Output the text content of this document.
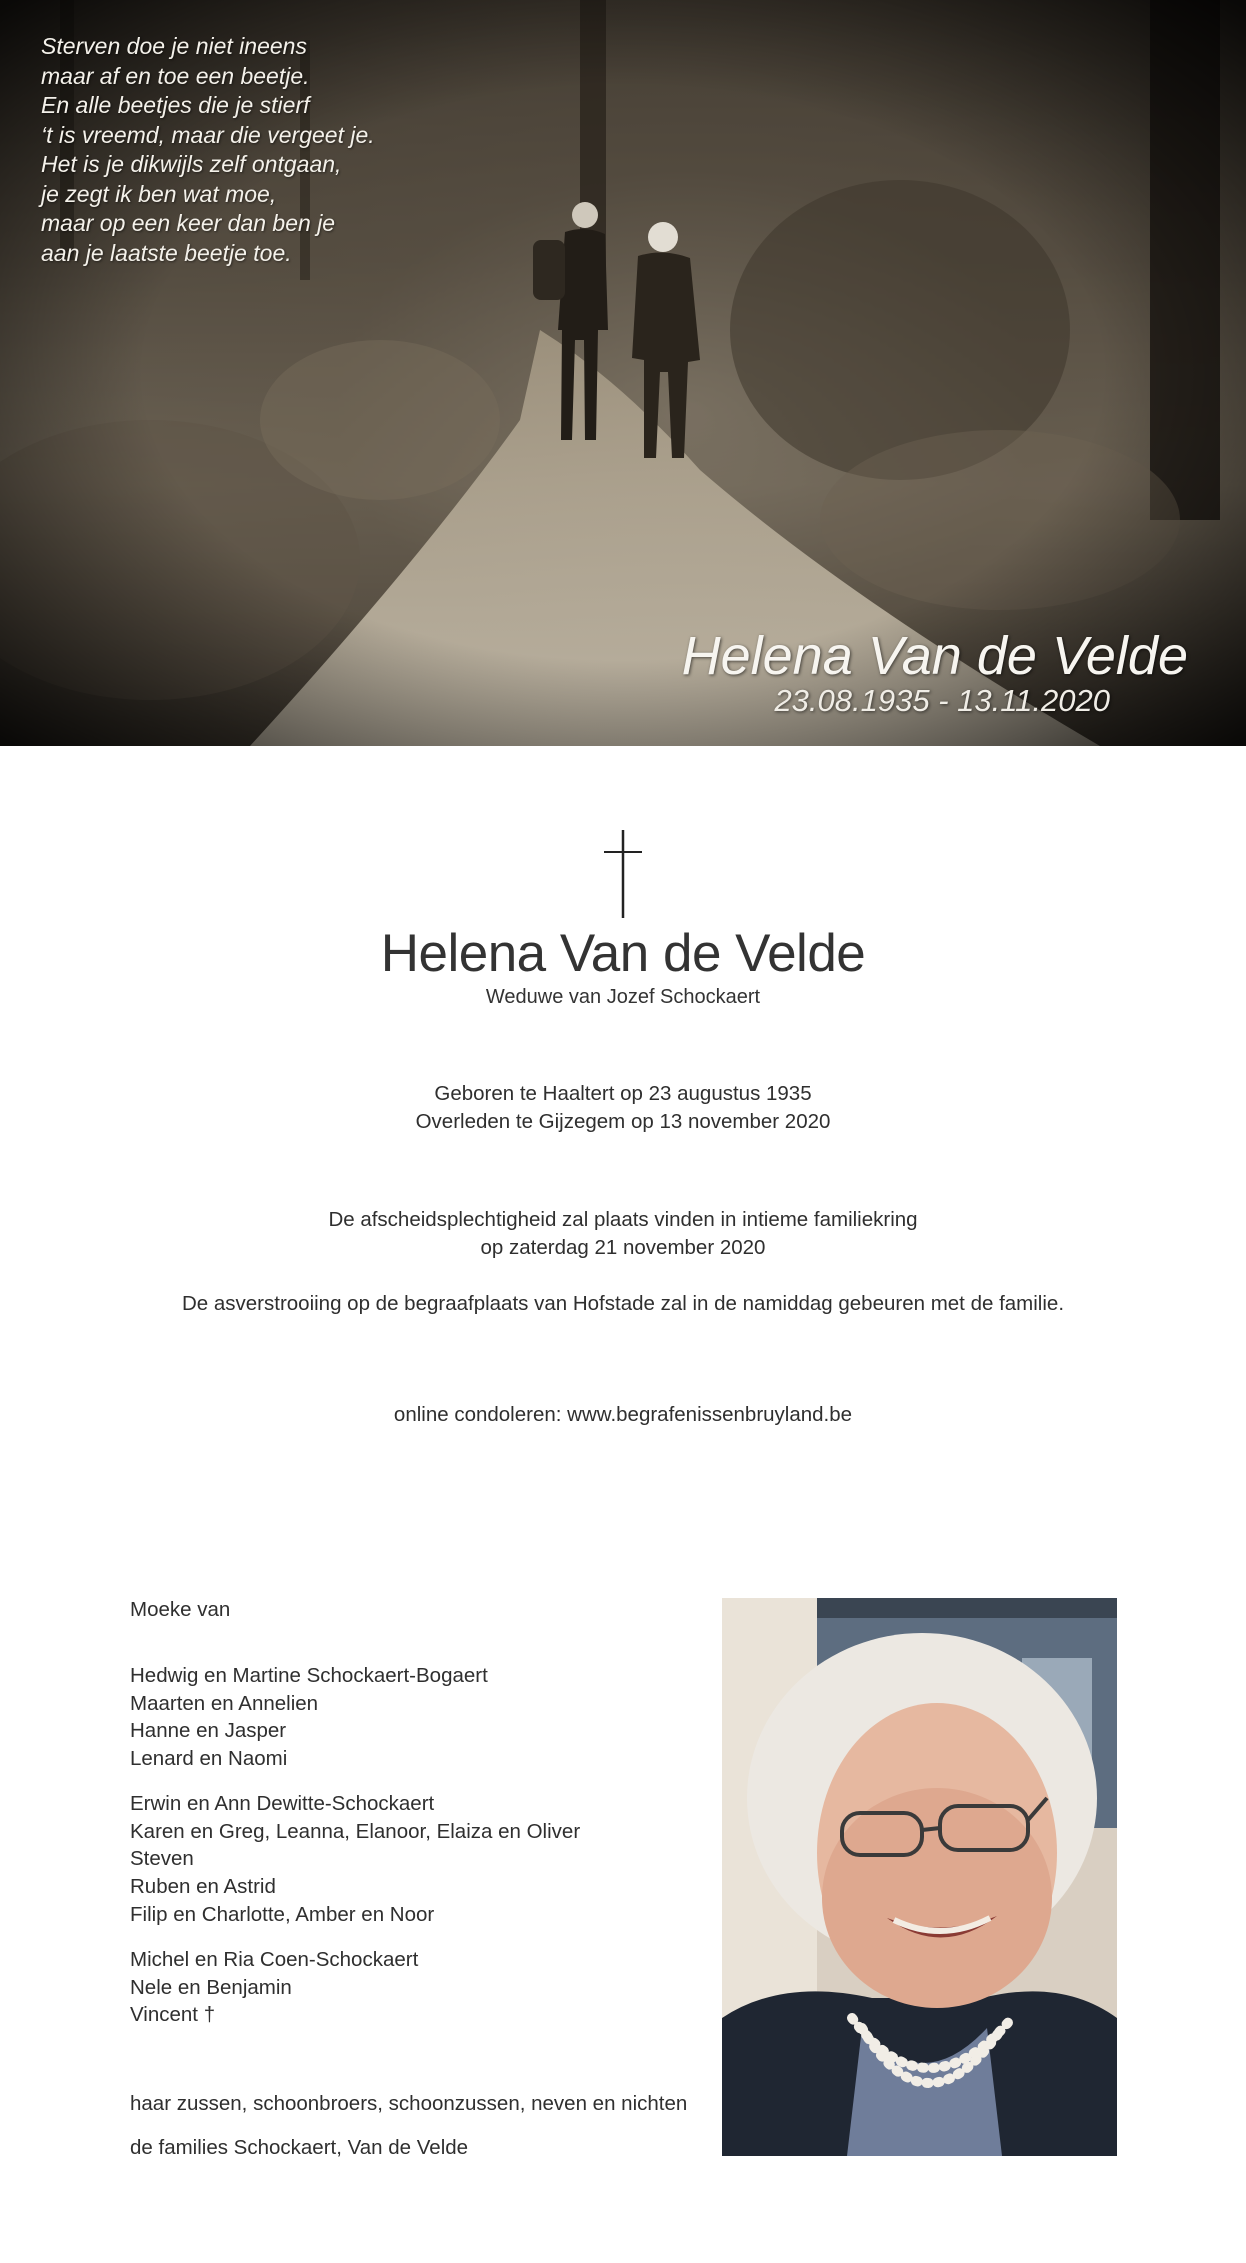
Sterven doe je niet ineens
maar af en toe een beetje.
En alle beetjes die je stierf
‘t is vreemd, maar die vergeet je.
Het is je dikwijls zelf ontgaan,
je zegt ik ben wat moe,
maar op een keer dan ben je
aan je laatste beetje toe.
Helena Van de Velde
23.08.1935 - 13.11.2020
Helena Van de Velde
Weduwe van Jozef Schockaert
Geboren te Haaltert op 23 augustus 1935
Overleden te Gijzegem op 13 november 2020
De afscheidsplechtigheid zal plaats vinden in intieme familiekring
op zaterdag 21 november 2020
De asverstrooiing op de begraafplaats van Hofstade zal in de namiddag gebeuren met de familie.
online condoleren: www.begrafenissenbruyland.be
Moeke van
Hedwig en Martine Schockaert-Bogaert
Maarten en Annelien
Hanne en Jasper
Lenard en Naomi
Erwin en Ann Dewitte-Schockaert
Karen en Greg, Leanna, Elanoor, Elaiza en Oliver
Steven
Ruben en Astrid
Filip en Charlotte, Amber en Noor
Michel en Ria Coen-Schockaert
Nele en Benjamin
Vincent †
haar zussen, schoonbroers, schoonzussen, neven en nichten
de families Schockaert, Van de Velde
